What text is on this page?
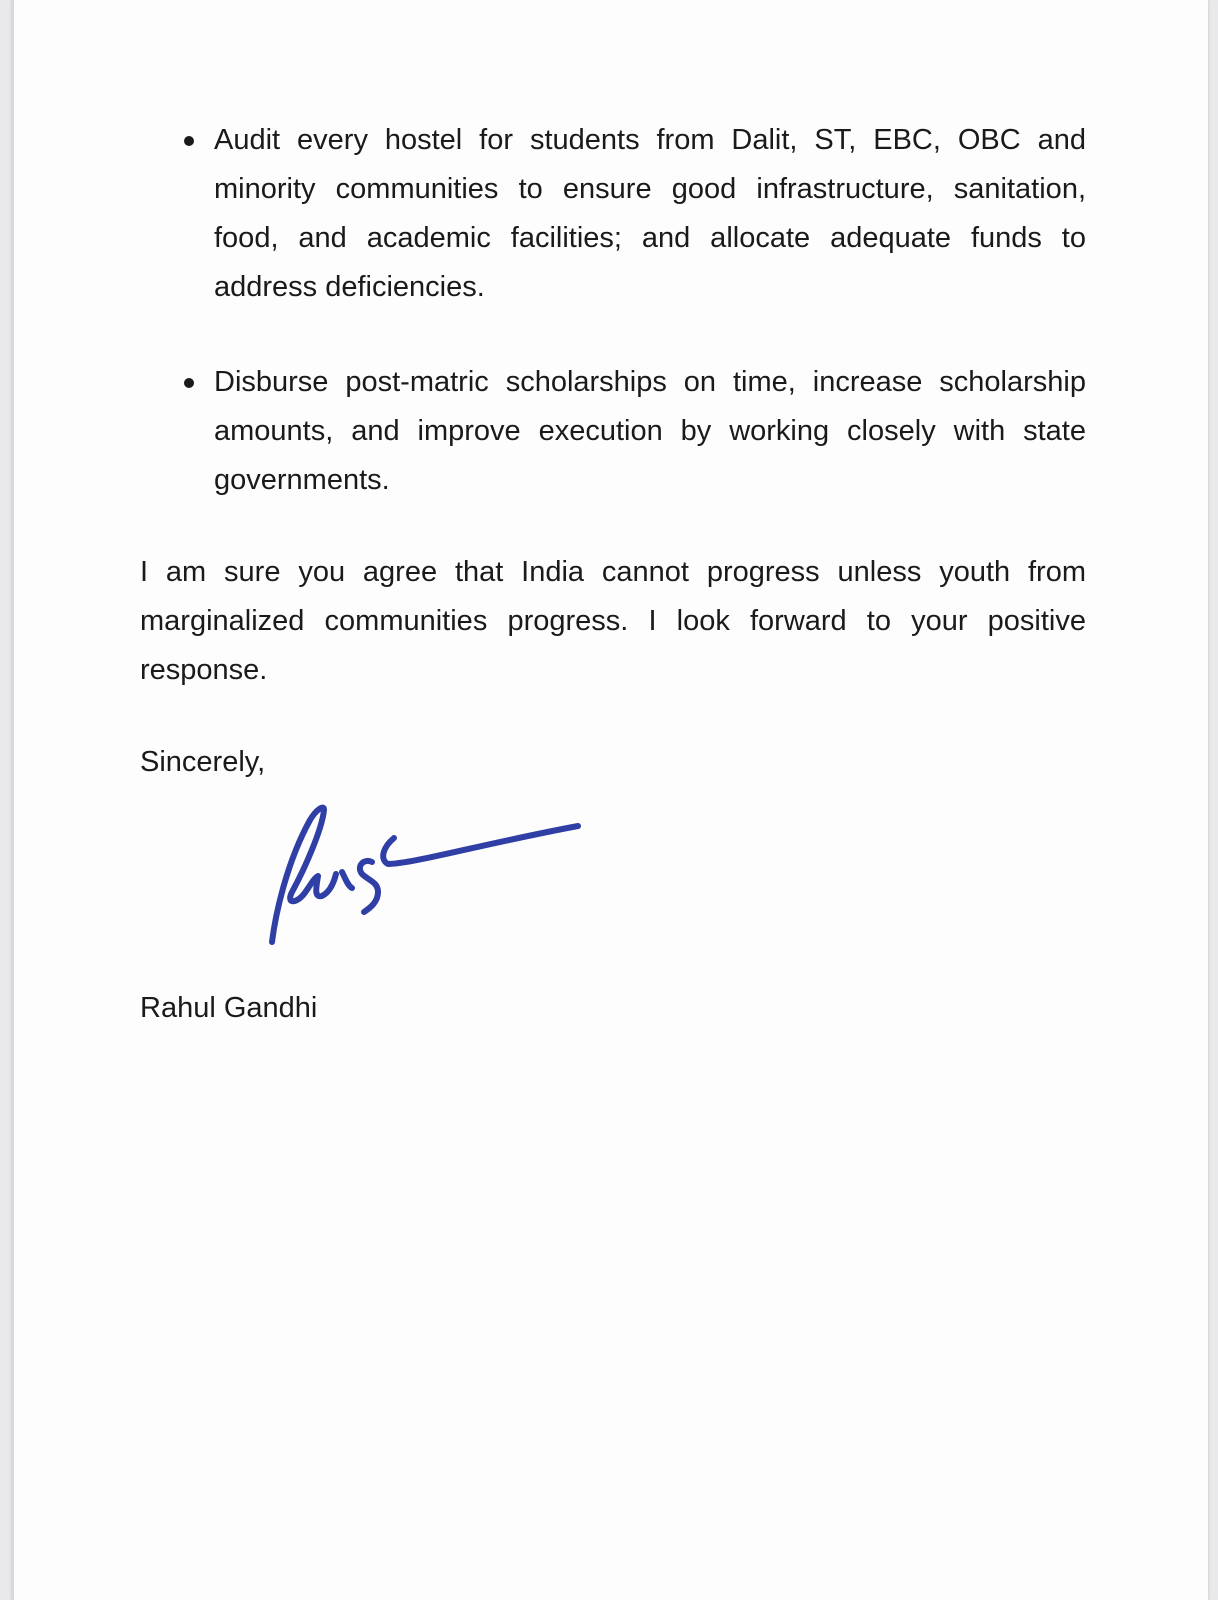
Audit every hostel for students from Dalit, ST, EBC, OBC and minority communities to ensure good infrastructure, sanitation, food, and academic facilities; and allocate adequate funds to address deficiencies.
Disburse post-matric scholarships on time, increase scholarship amounts, and improve execution by working closely with state governments.

I am sure you agree that India cannot progress unless youth from marginalized communities progress. I look forward to your positive response.

Sincerely,
Rahul Gandhi
